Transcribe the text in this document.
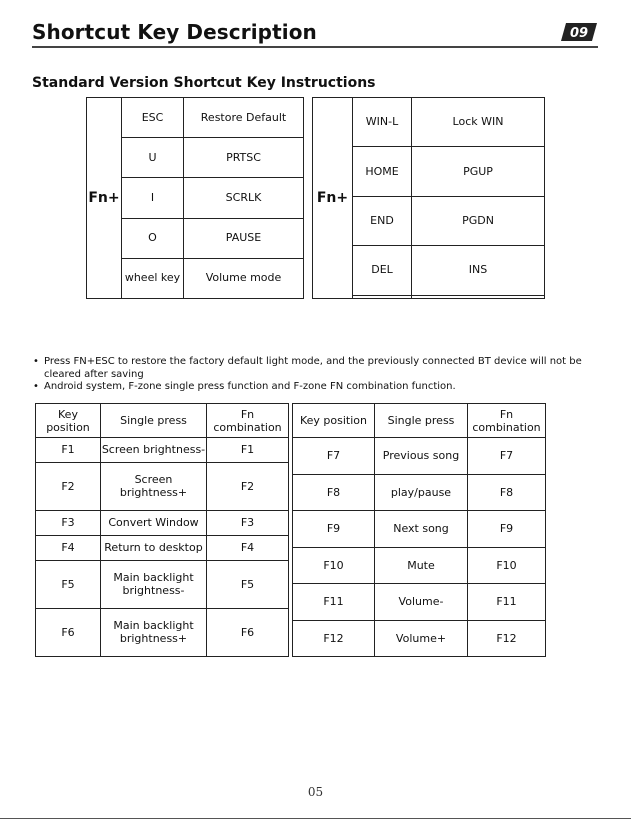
Shortcut Key Description	09
Standard Version Shortcut Key Instructions
Fn+	ESC	Restore Default
	U	PRTSC
	I	SCRLK
	O	PAUSE
	wheel key	Volume mode
Fn+	WIN-L	Lock WIN
	HOME	PGUP
	END	PGDN
	DEL	INS

• Press FN+ESC to restore the factory default light mode, and the previously connected BT device will not be cleared after saving
• Android system, F-zone single press function and F-zone FN combination function.
Key position	Single press	Fn combination
F1	Screen brightness-	F1
F2	Screen brightness+	F2
F3	Convert Window	F3
F4	Return to desktop	F4
F5	Main backlight brightness-	F5
F6	Main backlight brightness+	F6
Key position	Single press	Fn combination
F7	Previous song	F7
F8	play/pause	F8
F9	Next song	F9
F10	Mute	F10
F11	Volume-	F11
F12	Volume+	F12
05
